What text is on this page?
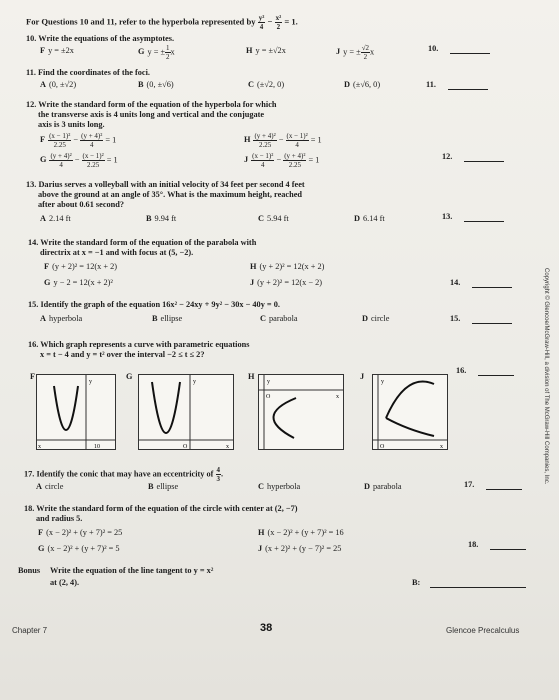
For Questions 10 and 11, refer to the hyperbola represented by $\frac{\text{y²}}{4} - \frac{\text{x²}}{2} = 1$.
10. Write the equations of the asymptotes.
F y = ±2x	G y = ± $\frac{1}{2}$ x	H y = ±√2x	J y = ± $\frac{√2}{2}$ x	10.
11. Find the coordinates of the foci.
A (0, ±√2)	B (0, ±√6)	C (±√2, 0)	D (±√6, 0)	11.
12. Write the standard form of the equation of the hyperbola for which
the transverse axis is 4 units long and vertical and the conjugate
axis is 3 units long.
F $\frac{\text{(x − 1)²}}{2.25} - \frac{\text{(y + 4)²}}{4} = 1$
G $\frac{\text{(y + 4)²}}{4} - \frac{\text{(x − 1)²}}{2.25} = 1$
H $\frac{\text{(y + 4)²}}{2.25} - \frac{\text{(x − 1)²}}{4} = 1$
J $\frac{\text{(x − 1)²}}{4} - \frac{\text{(y + 4)²}}{2.25} = 1$	12.
13. Darius serves a volleyball with an initial velocity of 34 feet per second 4 feet
above the ground at an angle of 35°. What is the maximum height, reached
after about 0.61 second?
A 2.14 ft	B 9.94 ft	C 5.94 ft	D 6.14 ft	13.
14. Write the standard form of the equation of the parabola with
directrix at x = −1 and with focus at (5, −2).
F (y + 2)² = 12(x + 2)
G y − 2 = 12(x + 2)²
H (y + 2)² = 12(x + 2)
J (y + 2)² = 12(x − 2)	14.
15. Identify the graph of the equation 16x² − 24xy + 9y² − 30x − 40y = 0.
A hyperbola	B ellipse	C parabola	D circle	15.
16. Which graph represents a curve with parametric equations
x = t − 4 and y = t² over the interval −2 ≤ t ≤ 2?
16.
F
y
x	10
G
y
O	x
H
y
O	x
J
y
O	x
17. Identify the conic that may have an eccentricity of $\frac{4}{3}$ .
A circle	B ellipse	C hyperbola	D parabola	17.
18. Write the standard form of the equation of the circle with center at (2, −7)
and radius 5.
F (x − 2)² + (y + 7)² = 25
G (x − 2)² + (y + 7)² = 5
H (x − 2)² + (y + 7)² = 16
J (x + 2)² + (y − 7)² = 25	18.
Bonus Write the equation of the line tangent to y = x²
at (2, 4).	B:
Chapter 7	38	Glencoe Precalculus
Copyright © Glencoe/McGraw-Hill, a division of The McGraw-Hill Companies, Inc.
